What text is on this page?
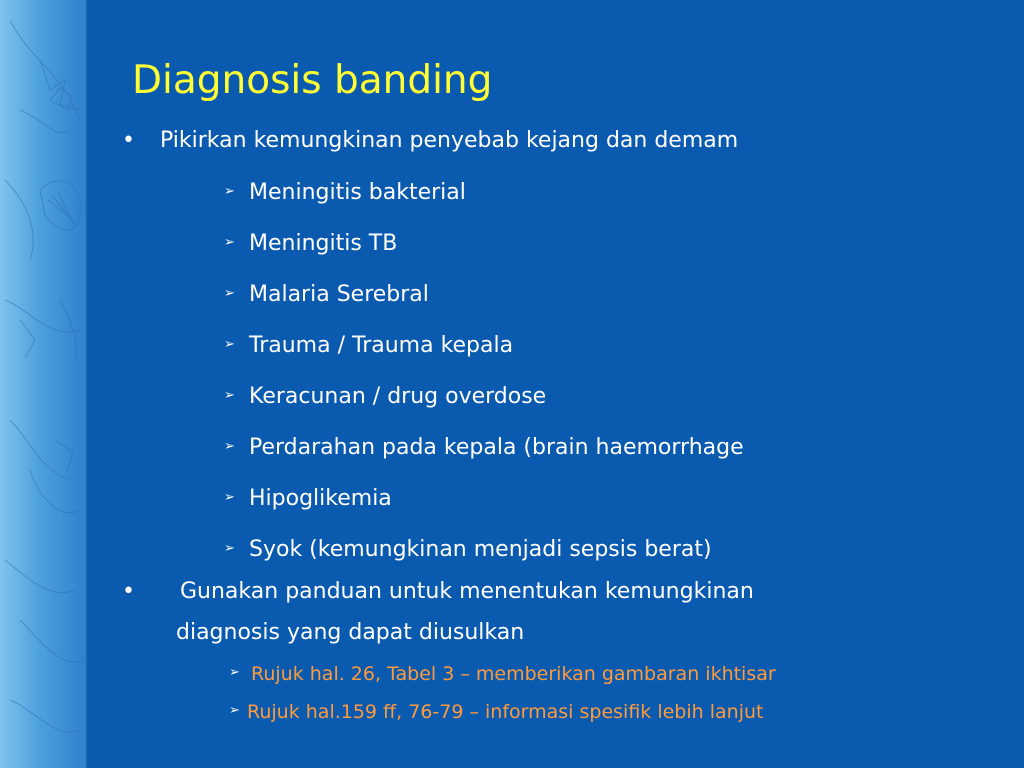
Diagnosis banding
• Pikirkan kemungkinan penyebab kejang dan demam
➢ Meningitis bakterial
➢ Meningitis TB
➢ Malaria Serebral
➢ Trauma / Trauma kepala
➢ Keracunan / drug overdose
➢ Perdarahan pada kepala (brain haemorrhage
➢ Hipoglikemia
➢ Syok (kemungkinan menjadi sepsis berat)
• Gunakan panduan untuk menentukan kemungkinan
diagnosis yang dapat diusulkan
➢ Rujuk hal. 26, Tabel 3 – memberikan gambaran ikhtisar
➢ Rujuk hal.159 ff, 76-79 – informasi spesifik lebih lanjut
